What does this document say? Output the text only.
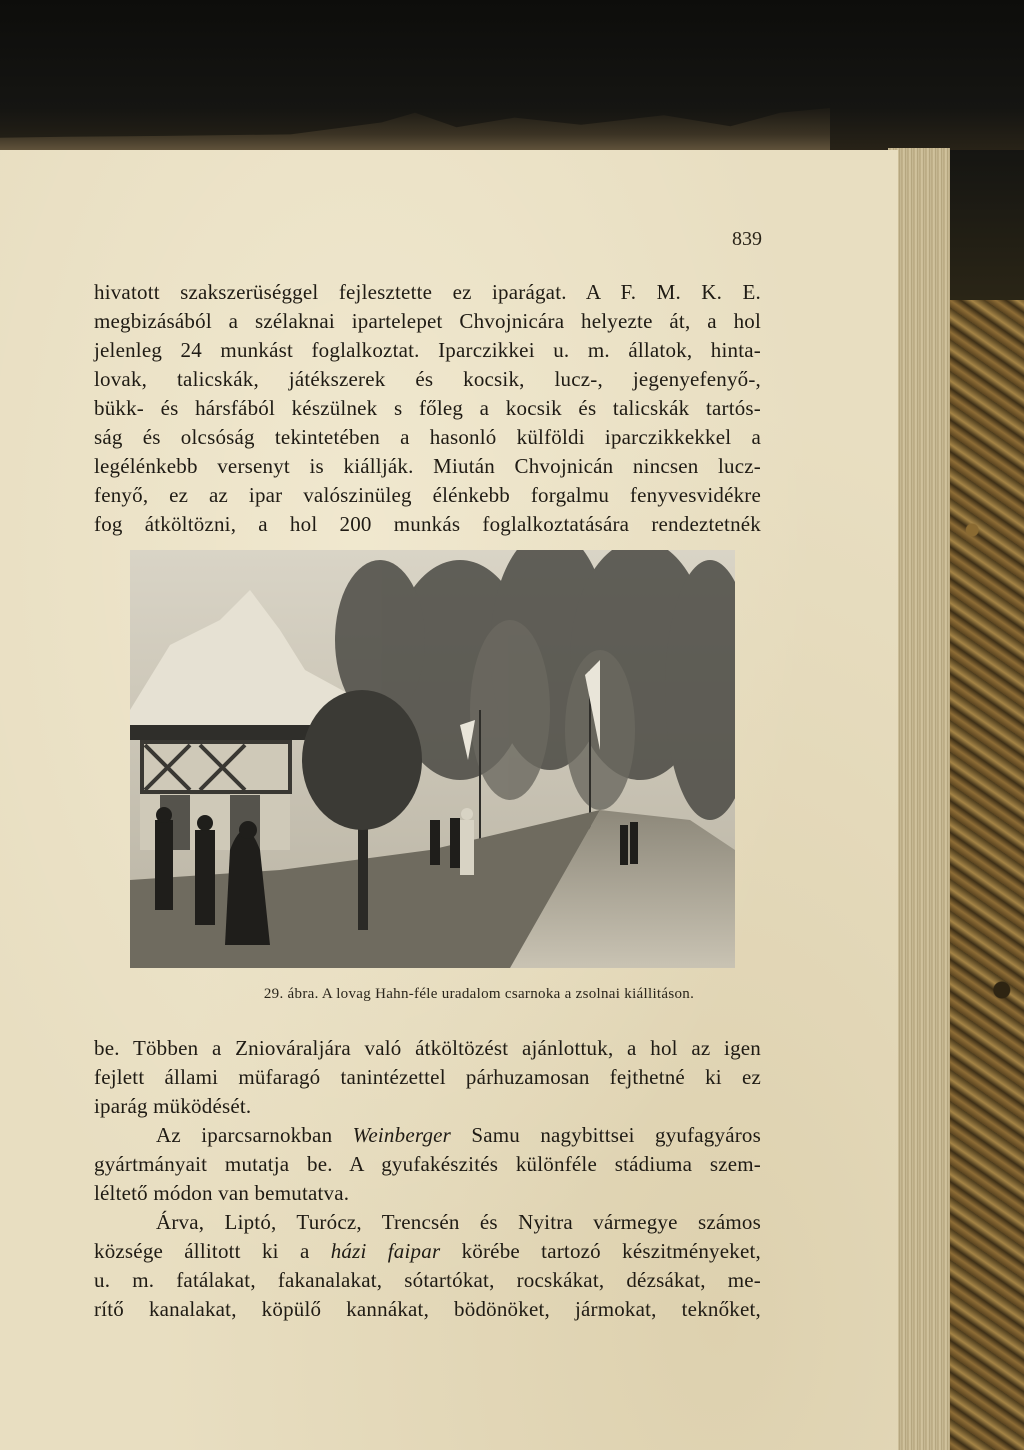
839
hivatott szakszerüséggel fejlesztette ez iparágat. A F. M. K. E.
megbizásából a szélaknai ipartelepet Chvojnicára helyezte át, a hol
jelenleg 24 munkást foglalkoztat. Iparczikkei u. m. állatok, hinta-
lovak, talicskák, játékszerek és kocsik, lucz-, jegenyefenyő-,
bükk- és hársfából készülnek s főleg a kocsik és talicskák tartós-
ság és olcsóság tekintetében a hasonló külföldi iparczikkekkel a
legélénkebb versenyt is kiállják. Miután Chvojnicán nincsen lucz-
fenyő, ez az ipar valószinüleg élénkebb forgalmu fenyvesvidékre
fog átköltözni, a hol 200 munkás foglalkoztatására rendeztetnék
29. ábra. A lovag Hahn-féle uradalom csarnoka a zsolnai kiállitáson.
be. Többen a Zniováraljára való átköltözést ajánlottuk, a hol az igen
fejlett állami müfaragó tanintézettel párhuzamosan fejthetné ki ez
iparág müködését.
Az iparcsarnokban Weinberger Samu nagybittsei gyufagyáros
gyártmányait mutatja be. A gyufakészités különféle stádiuma szem-
léltető módon van bemutatva.
Árva, Liptó, Turócz, Trencsén és Nyitra vármegye számos
községe állitott ki a házi faipar körébe tartozó készitményeket,
u. m. fatálakat, fakanalakat, sótartókat, rocskákat, dézsákat, me-
rítő kanalakat, köpülő kannákat, bödönöket, jármokat, teknőket,
